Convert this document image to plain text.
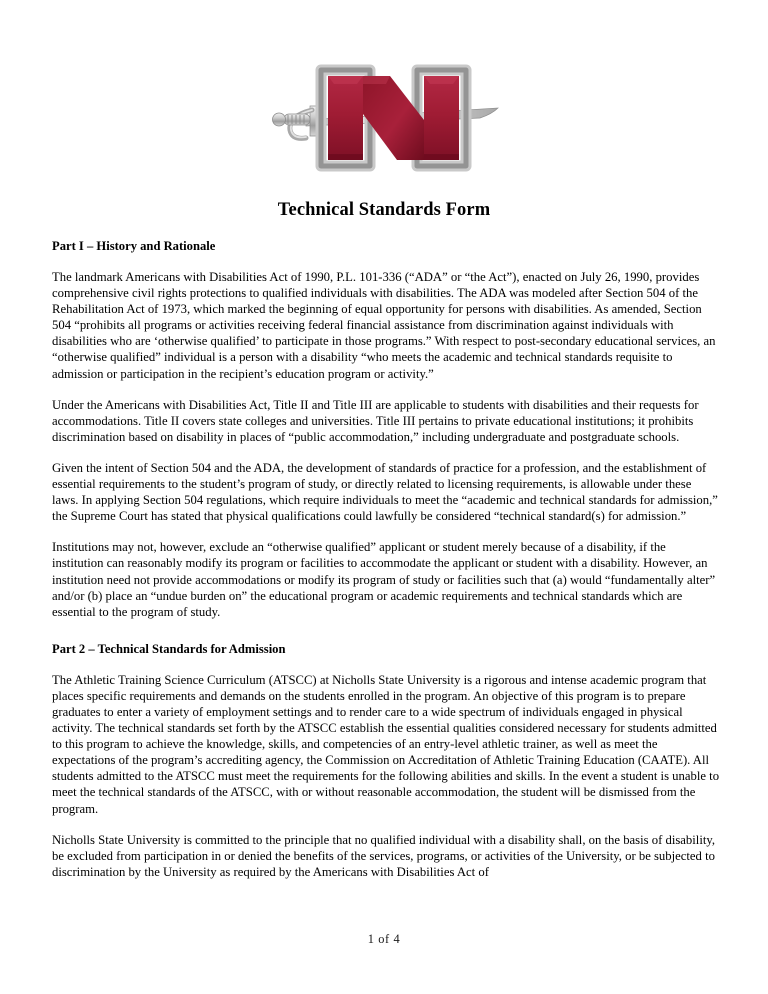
Technical Standards Form
Part I – History and Rationale

The landmark Americans with Disabilities Act of 1990, P.L. 101-336 (“ADA” or “the Act”), enacted on July 26, 1990, provides comprehensive civil rights protections to qualified individuals with disabilities. The ADA was modeled after Section 504 of the Rehabilitation Act of 1973, which marked the beginning of equal opportunity for persons with disabilities. As amended, Section 504 “prohibits all programs or activities receiving federal financial assistance from discrimination against individuals with disabilities who are ‘otherwise qualified’ to participate in those programs.” With respect to post-secondary educational services, an “otherwise qualified” individual is a person with a disability “who meets the academic and technical standards requisite to admission or participation in the recipient’s education program or activity.”

Under the Americans with Disabilities Act, Title II and Title III are applicable to students with disabilities and their requests for accommodations. Title II covers state colleges and universities. Title III pertains to private educational institutions; it prohibits discrimination based on disability in places of “public accommodation,” including undergraduate and postgraduate schools.

Given the intent of Section 504 and the ADA, the development of standards of practice for a profession, and the establishment of essential requirements to the student’s program of study, or directly related to licensing requirements, is allowable under these laws. In applying Section 504 regulations, which require individuals to meet the “academic and technical standards for admission,” the Supreme Court has stated that physical qualifications could lawfully be considered “technical standard(s) for admission.”

Institutions may not, however, exclude an “otherwise qualified” applicant or student merely because of a disability, if the institution can reasonably modify its program or facilities to accommodate the applicant or student with a disability. However, an institution need not provide accommodations or modify its program of study or facilities such that (a) would “fundamentally alter” and/or (b) place an “undue burden on” the educational program or academic requirements and technical standards which are essential to the program of study.

Part 2 – Technical Standards for Admission

The Athletic Training Science Curriculum (ATSCC) at Nicholls State University is a rigorous and intense academic program that places specific requirements and demands on the students enrolled in the program. An objective of this program is to prepare graduates to enter a variety of employment settings and to render care to a wide spectrum of individuals engaged in physical activity. The technical standards set forth by the ATSCC establish the essential qualities considered necessary for students admitted to this program to achieve the knowledge, skills, and competencies of an entry-level athletic trainer, as well as meet the expectations of the program’s accrediting agency, the Commission on Accreditation of Athletic Training Education (CAATE). All students admitted to the ATSCC must meet the requirements for the following abilities and skills. In the event a student is unable to meet the technical standards of the ATSCC, with or without reasonable accommodation, the student will be dismissed from the program.

Nicholls State University is committed to the principle that no qualified individual with a disability shall, on the basis of disability, be excluded from participation in or denied the benefits of the services, programs, or activities of the University, or be subjected to discrimination by the University as required by the Americans with Disabilities Act of

1 of 4
